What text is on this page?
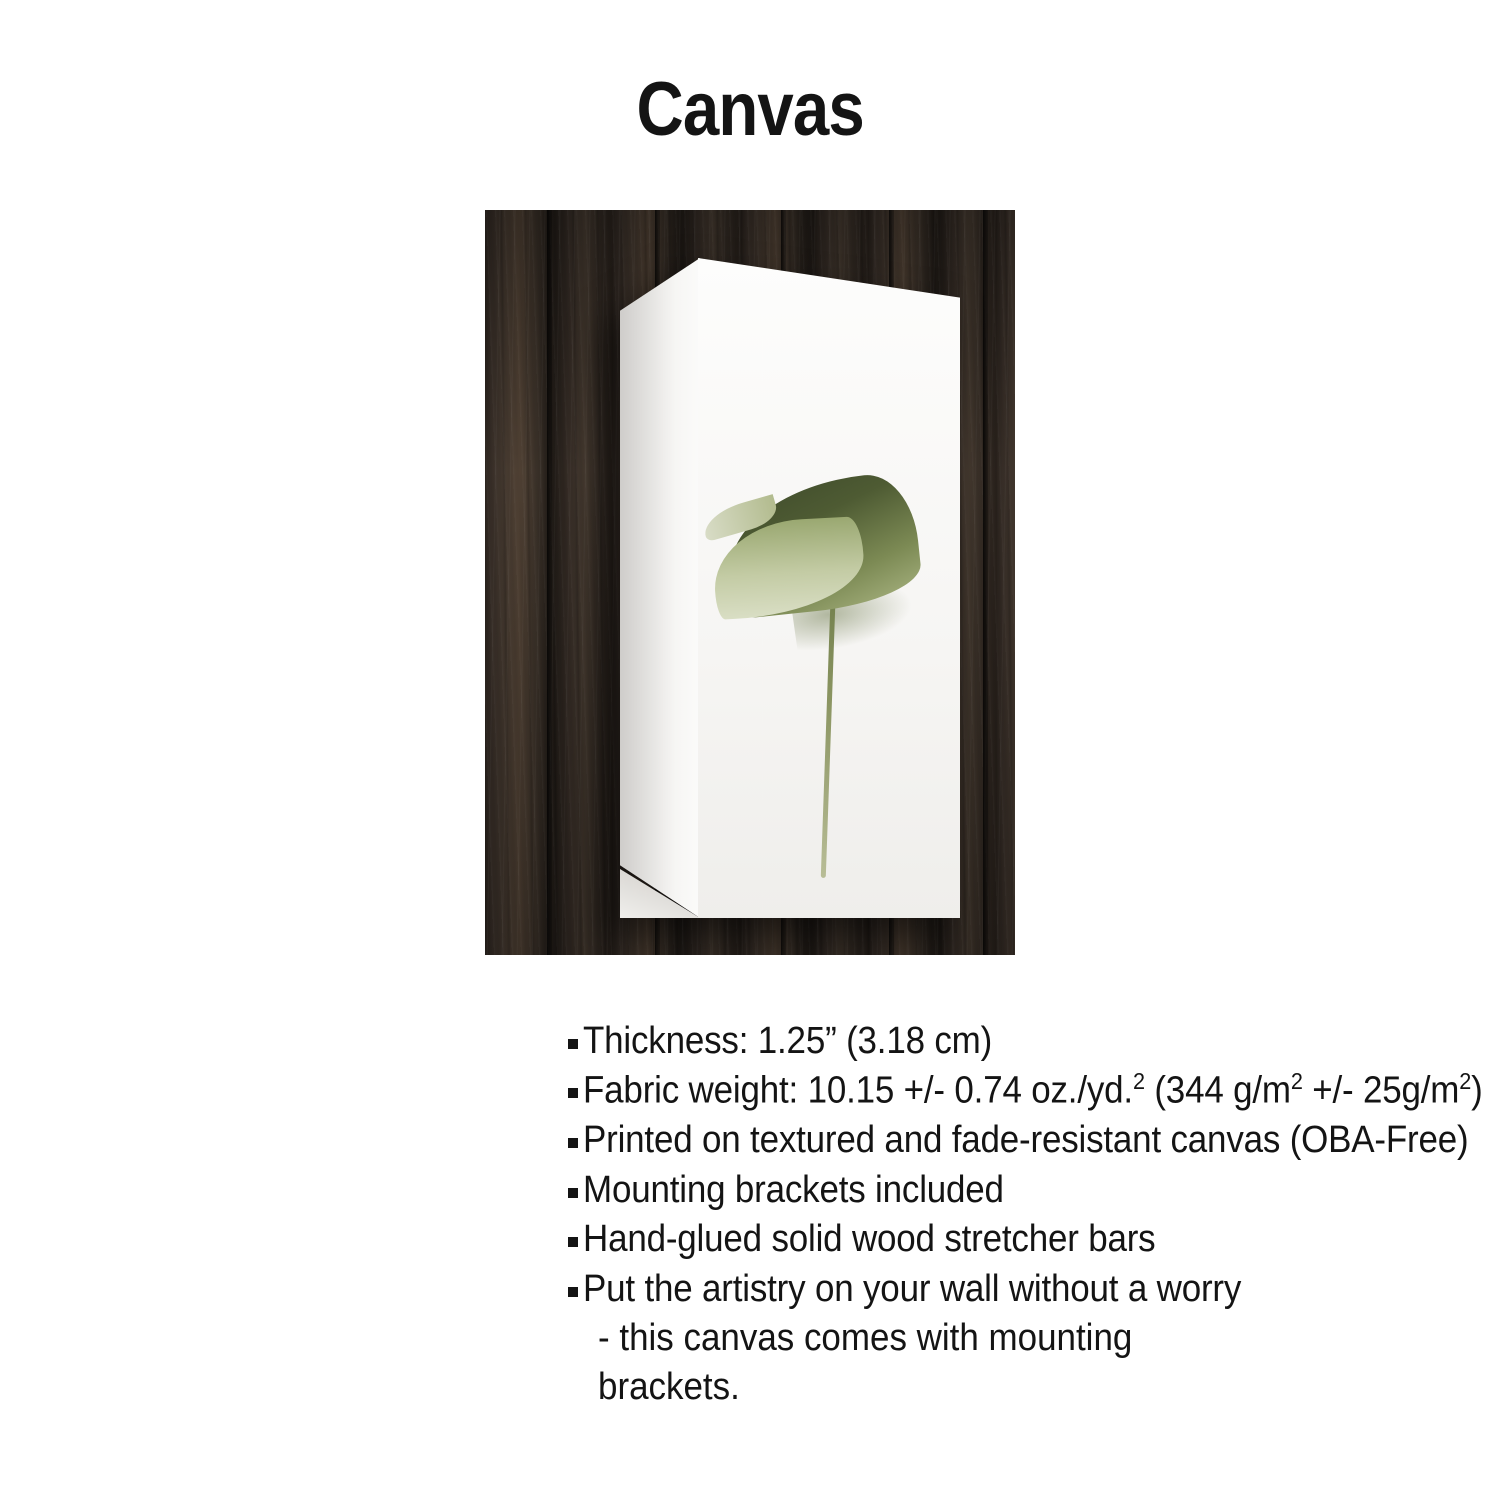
Canvas
Thickness: 1.25” (3.18 cm)
Fabric weight: 10.15 +/- 0.74 oz./yd.$^2$ (344 $g/m^2$ +/- $25g/m^2$)
Printed on textured and fade-resistant canvas (OBA-Free)
Mounting brackets included
Hand-glued solid wood stretcher bars
Put the artistry on your wall without a worry
- this canvas comes with mounting brackets.
